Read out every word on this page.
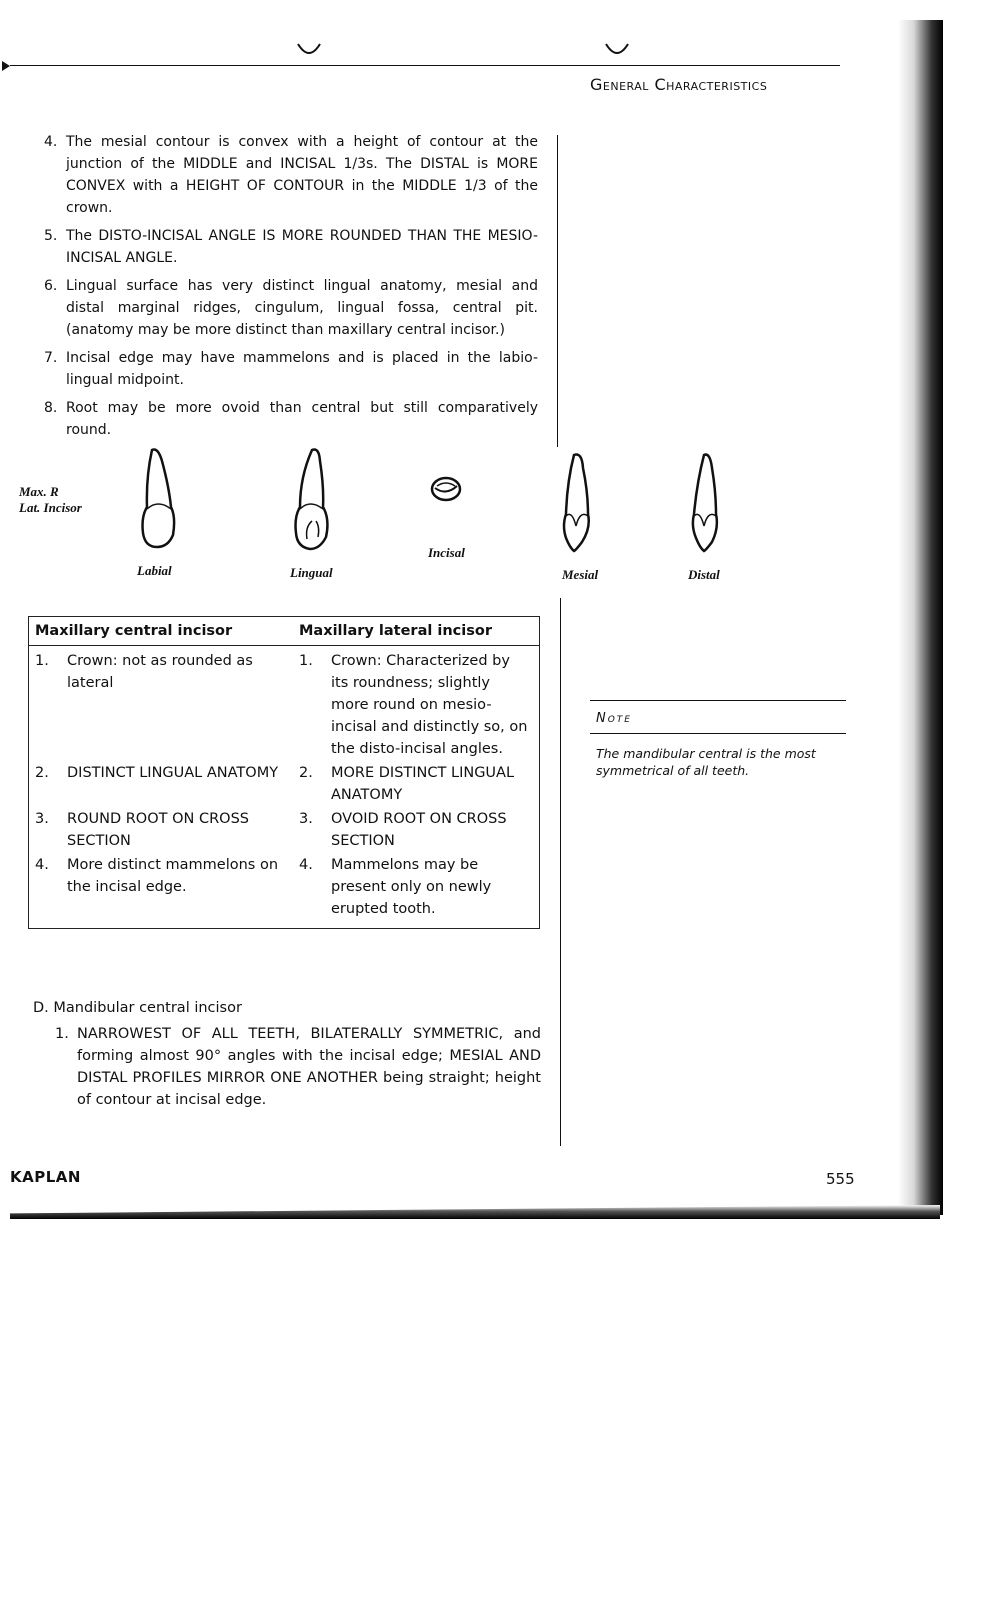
General Characteristics
4. The mesial contour is convex with a height of contour at the junction of the MIDDLE and INCISAL 1/3s. The DISTAL is MORE CONVEX with a HEIGHT OF CONTOUR in the MIDDLE 1/3 of the crown.
5. The DISTO-INCISAL ANGLE IS MORE ROUNDED THAN THE MESIO-INCISAL ANGLE.
6. Lingual surface has very distinct lingual anatomy, mesial and distal marginal ridges, cingulum, lingual fossa, central pit. (anatomy may be more distinct than maxillary central incisor.)
7. Incisal edge may have mammelons and is placed in the labio-lingual midpoint.
8. Root may be more ovoid than central but still comparatively round.
Max. R
Lat. Incisor
Labial	Lingual
Incisal
Mesial	Distal
Maxillary central incisor		Maxillary lateral incisor	
1.	Crown: not as rounded as lateral	1.	Crown: Characterized by its roundness; slightly more round on mesio-incisal and distinctly so, on the disto-incisal angles.
2.	DISTINCT LINGUAL ANATOMY	2.	MORE DISTINCT LINGUAL ANATOMY
3.	ROUND ROOT ON CROSS SECTION	3.	OVOID ROOT ON CROSS SECTION
4.	More distinct mammelons on the incisal edge.	4.	Mammelons may be present only on newly erupted tooth.
Note
The mandibular central is the most symmetrical of all teeth.
D. Mandibular central incisor
1. NARROWEST OF ALL TEETH, BILATERALLY SYMMETRIC, and forming almost 90° angles with the incisal edge; MESIAL AND DISTAL PROFILES MIRROR ONE ANOTHER being straight; height of contour at incisal edge.
KAPLAN	555
